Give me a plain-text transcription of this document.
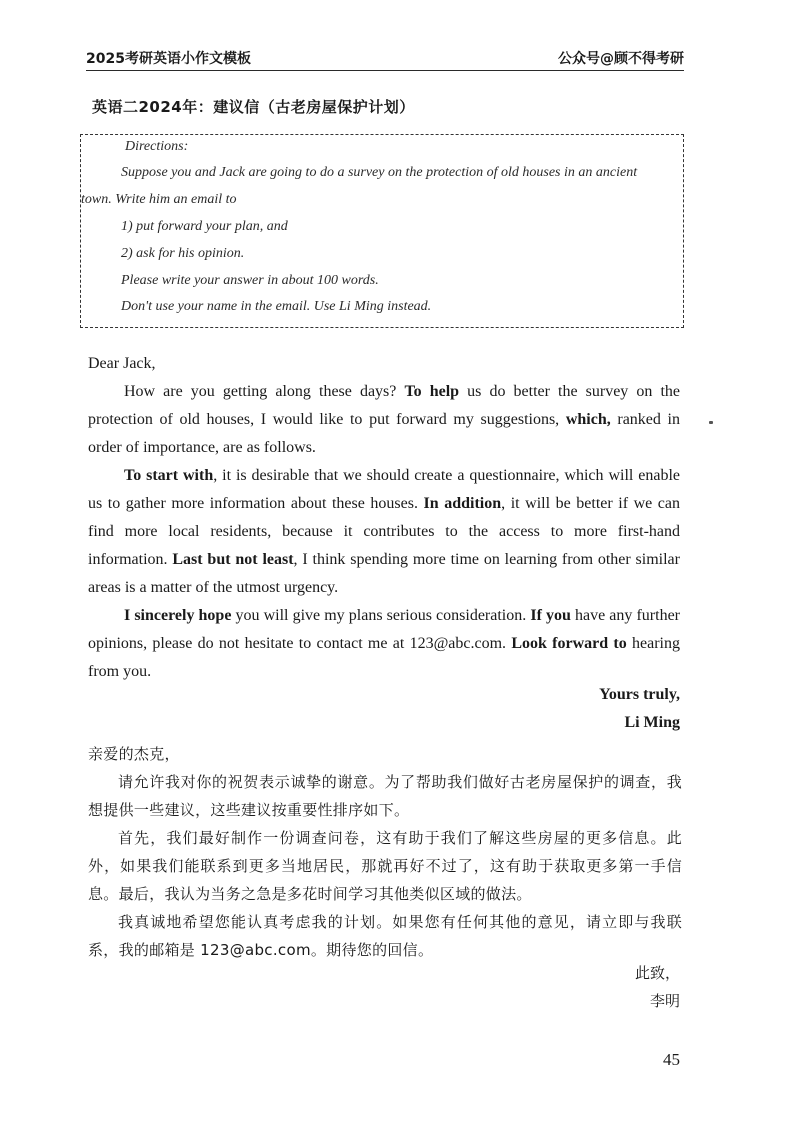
2025考研英语小作文模板	公众号@顾不得考研
英语二2024年：建议信（古老房屋保护计划）
Directions:
Suppose you and Jack are going to do a survey on the protection of old houses in an ancient
town. Write him an email to
1) put forward your plan, and
2) ask for his opinion.
Please write your answer in about 100 words.
Don't use your name in the email. Use Li Ming instead.
Dear Jack,
How are you getting along these days? To help us do better the survey on the protection of old houses, I would like to put forward my suggestions, which, ranked in order of importance, are as follows.
To start with, it is desirable that we should create a questionnaire, which will enable us to gather more information about these houses. In addition, it will be better if we can find more local residents, because it contributes to the access to more first-hand information. Last but not least, I think spending more time on learning from other similar areas is a matter of the utmost urgency.
I sincerely hope you will give my plans serious consideration. If you have any further opinions, please do not hesitate to contact me at 123@abc.com. Look forward to hearing from you.
Yours truly,
Li Ming
亲爱的杰克，
请允许我对你的祝贺表示诚挚的谢意。为了帮助我们做好古老房屋保护的调查，我想提供一些建议，这些建议按重要性排序如下。
首先，我们最好制作一份调查问卷，这有助于我们了解这些房屋的更多信息。此外，如果我们能联系到更多当地居民，那就再好不过了，这有助于获取更多第一手信息。最后，我认为当务之急是多花时间学习其他类似区域的做法。
我真诚地希望您能认真考虑我的计划。如果您有任何其他的意见，请立即与我联系，我的邮箱是 123@abc.com。期待您的回信。
此致，
李明
45
